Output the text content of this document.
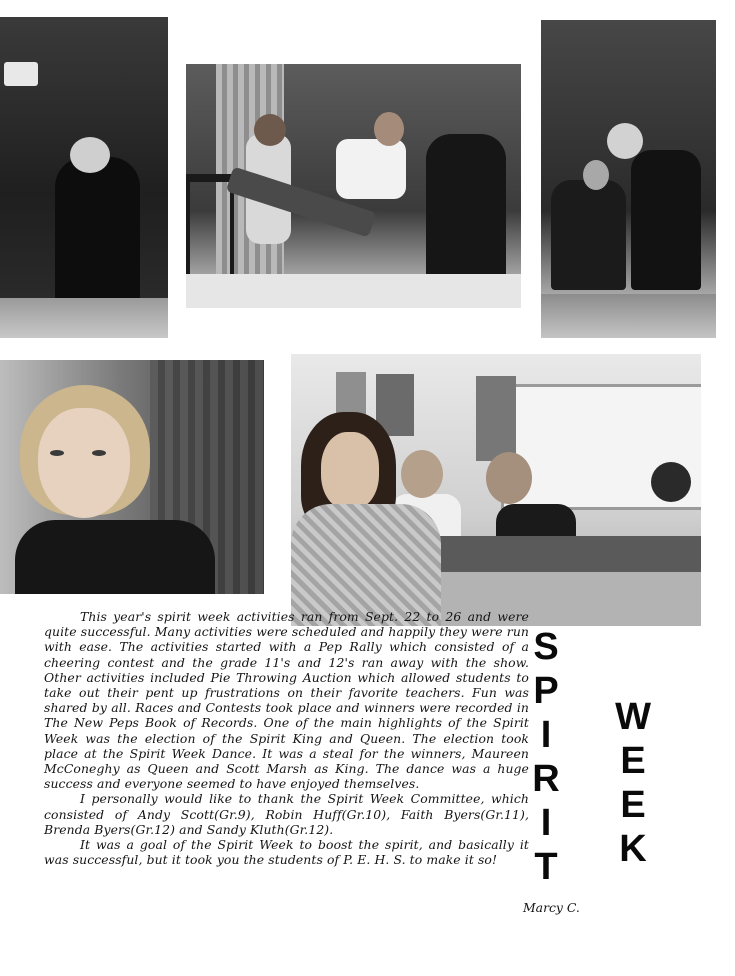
This year's spirit week activities ran from Sept. 22 to 26 and were quite successful. Many activities were scheduled and happily they were run with ease. The activities started with a Pep Rally which consisted of a cheering contest and the grade 11's and 12's ran away with the show. Other activities included Pie Throwing Auction which allowed students to take out their pent up frustrations on their favorite teachers. Fun was shared by all. Races and Contests took place and winners were recorded in The New Peps Book of Records. One of the main highlights of the Spirit Week was the election of the Spirit King and Queen. The election took place at the Spirit Week Dance. It was a steal for the winners, Maureen McConeghy as Queen and Scott Marsh as King. The dance was a huge success and everyone seemed to have enjoyed themselves.

I personally would like to thank the Spirit Week Committee, which consisted of Andy Scott(Gr.9), Robin Huff(Gr.10), Faith Byers(Gr.11), Brenda Byers(Gr.12) and Sandy Kluth(Gr.12).

It was a goal of the Spirit Week to boost the spirit, and basically it was successful, but it took you the students of P. E. H. S. to make it so!

Marcy C.
S
P
I
R
I
T
W
E
E
K
